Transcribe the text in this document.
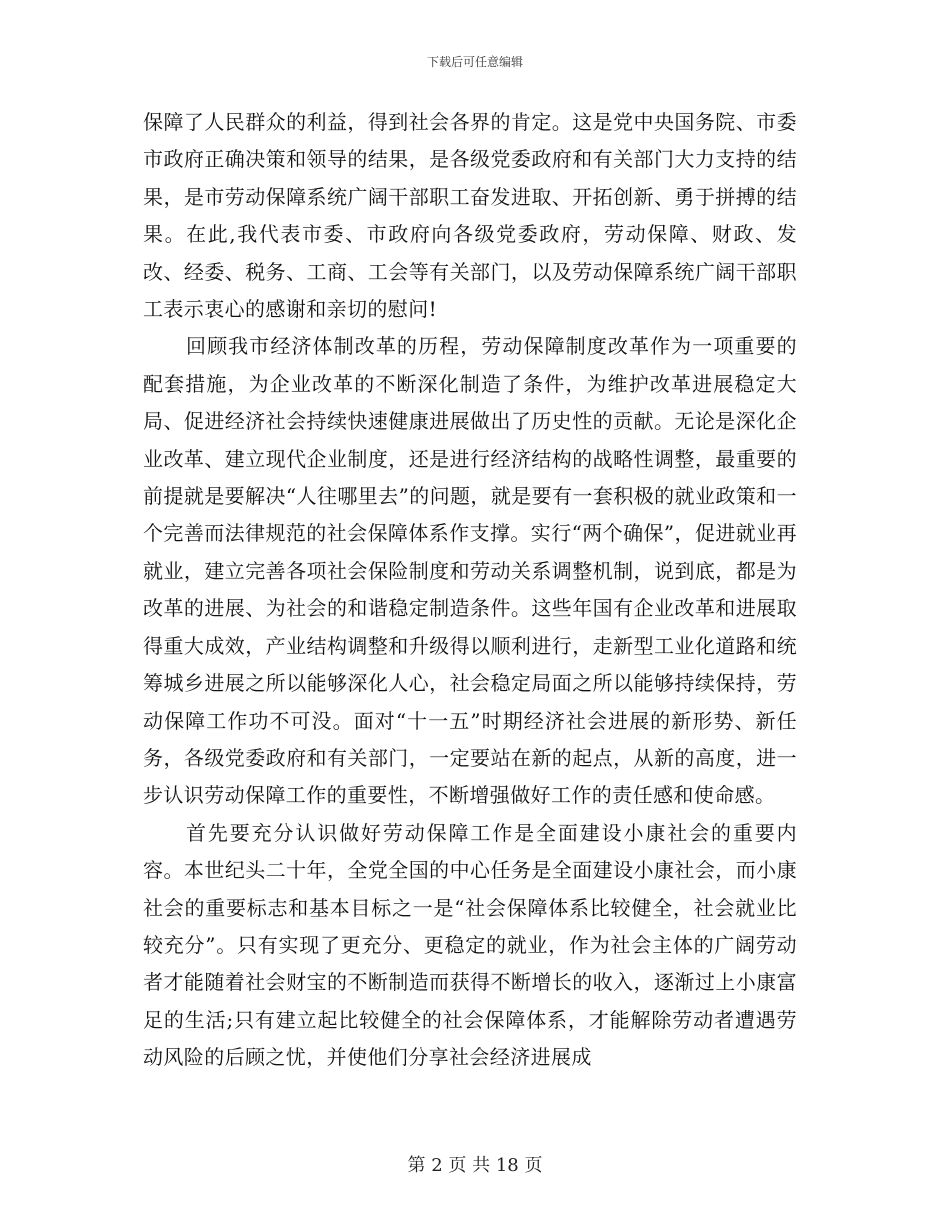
下载后可任意编辑

保障了人民群众的利益，得到社会各界的肯定。这是党中央国务院、市委市政府正确决策和领导的结果，是各级党委政府和有关部门大力支持的结果，是市劳动保障系统广阔干部职工奋发进取、开拓创新、勇于拼搏的结果。在此,我代表市委、市政府向各级党委政府，劳动保障、财政、发改、经委、税务、工商、工会等有关部门，以及劳动保障系统广阔干部职工表示衷心的感谢和亲切的慰问!

回顾我市经济体制改革的历程，劳动保障制度改革作为一项重要的配套措施，为企业改革的不断深化制造了条件，为维护改革进展稳定大局、促进经济社会持续快速健康进展做出了历史性的贡献。无论是深化企业改革、建立现代企业制度，还是进行经济结构的战略性调整，最重要的前提就是要解决“人往哪里去”的问题，就是要有一套积极的就业政策和一个完善而法律规范的社会保障体系作支撑。实行“两个确保”，促进就业再就业，建立完善各项社会保险制度和劳动关系调整机制，说到底，都是为改革的进展、为社会的和谐稳定制造条件。这些年国有企业改革和进展取得重大成效，产业结构调整和升级得以顺利进行，走新型工业化道路和统筹城乡进展之所以能够深化人心，社会稳定局面之所以能够持续保持，劳动保障工作功不可没。面对“十一五”时期经济社会进展的新形势、新任务，各级党委政府和有关部门，一定要站在新的起点，从新的高度，进一步认识劳动保障工作的重要性，不断增强做好工作的责任感和使命感。

首先要充分认识做好劳动保障工作是全面建设小康社会的重要内容。本世纪头二十年，全党全国的中心任务是全面建设小康社会，而小康社会的重要标志和基本目标之一是“社会保障体系比较健全，社会就业比较充分”。只有实现了更充分、更稳定的就业，作为社会主体的广阔劳动者才能随着社会财宝的不断制造而获得不断增长的收入，逐渐过上小康富足的生活;只有建立起比较健全的社会保障体系，才能解除劳动者遭遇劳动风险的后顾之忧，并使他们分享社会经济进展成

第 2 页 共 18 页
